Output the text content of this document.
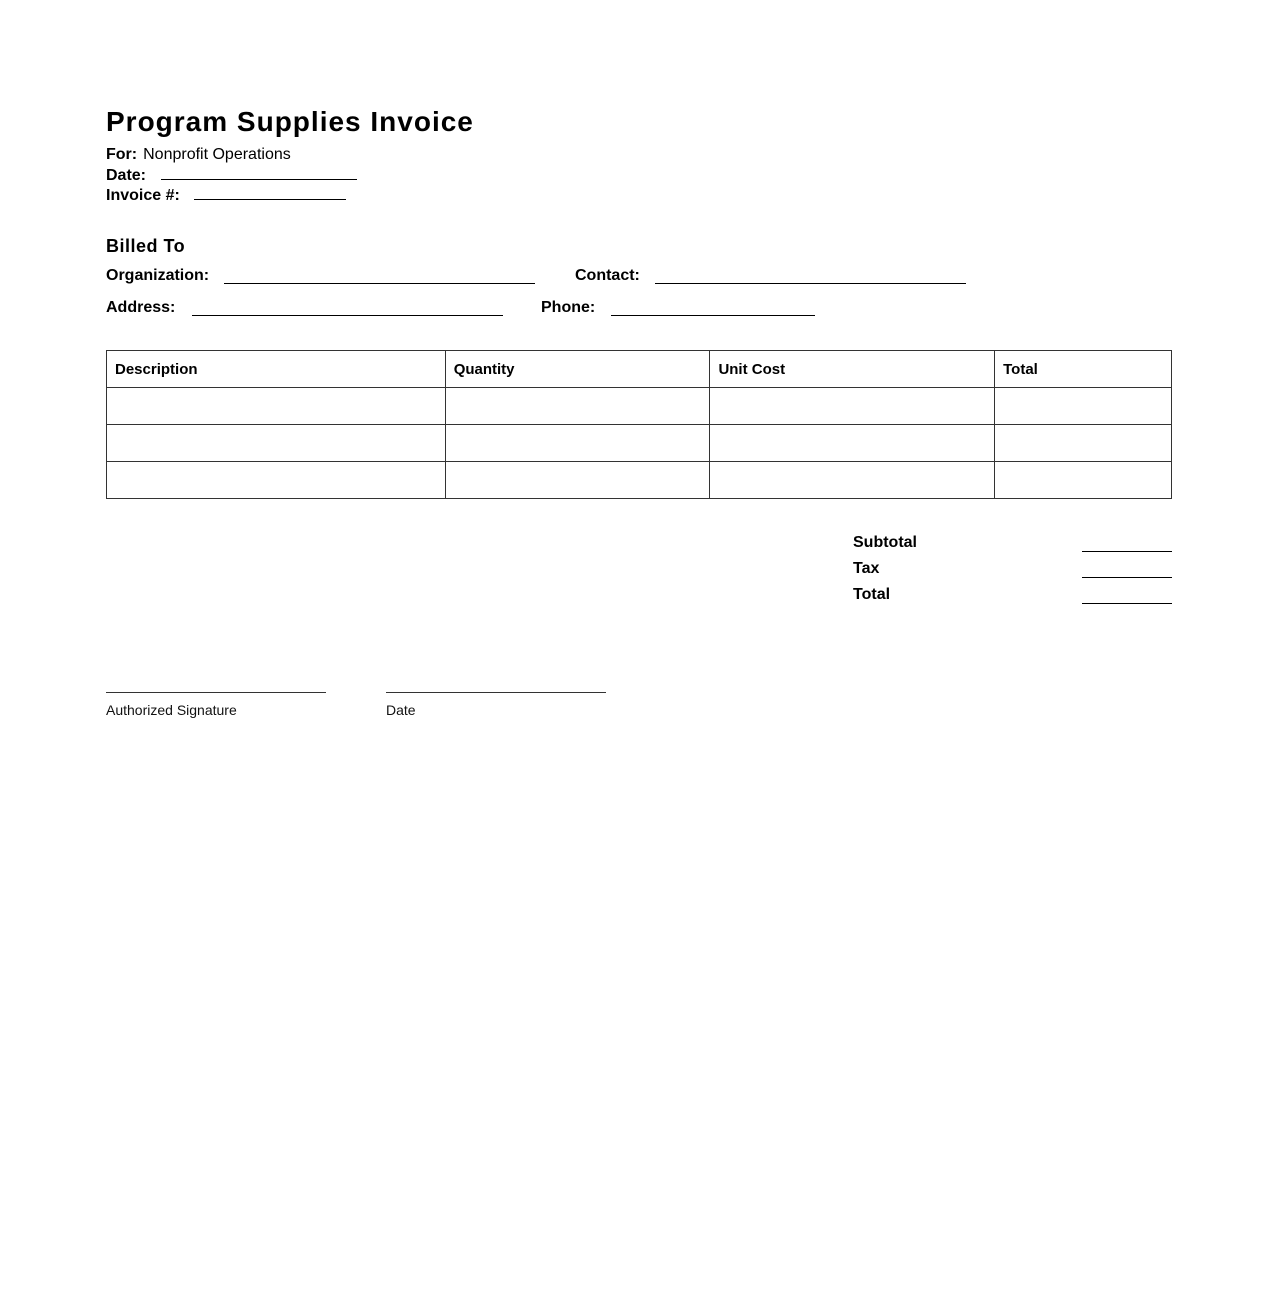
Program Supplies Invoice
For: Nonprofit Operations
Date:
Invoice #:
Billed To
Organization:	Contact:
Address:	Phone:
Description	Quantity	Unit Cost	Total

Subtotal
Tax
Total
Authorized Signature	Date
